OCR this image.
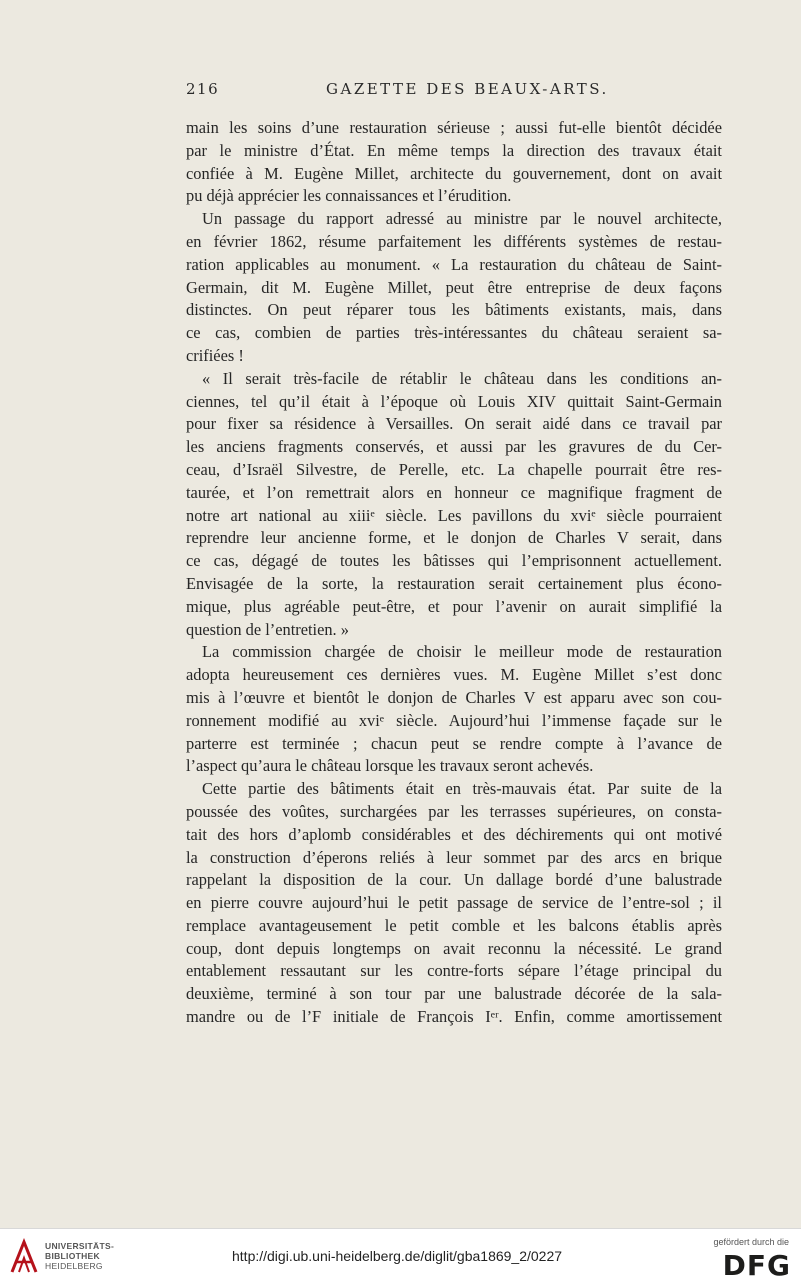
216	GAZETTE DES BEAUX-ARTS.
main les soins d’une restauration sérieuse ; aussi fut-elle bientôt décidée
par le ministre d’État. En même temps la direction des travaux était
confiée à M. Eugène Millet, architecte du gouvernement, dont on avait
pu déjà apprécier les connaissances et l’érudition.
Un passage du rapport adressé au ministre par le nouvel architecte,
en février 1862, résume parfaitement les différents systèmes de restau-
ration applicables au monument. « La restauration du château de Saint-
Germain, dit M. Eugène Millet, peut être entreprise de deux façons
distinctes. On peut réparer tous les bâtiments existants, mais, dans
ce cas, combien de parties très-intéressantes du château seraient sa-
crifiées !
« Il serait très-facile de rétablir le château dans les conditions an-
ciennes, tel qu’il était à l’époque où Louis XIV quittait Saint-Germain
pour fixer sa résidence à Versailles. On serait aidé dans ce travail par
les anciens fragments conservés, et aussi par les gravures de du Cer-
ceau, d’Israël Silvestre, de Perelle, etc. La chapelle pourrait être res-
taurée, et l’on remettrait alors en honneur ce magnifique fragment de
notre art national au xiiiᵉ siècle. Les pavillons du xviᵉ siècle pourraient
reprendre leur ancienne forme, et le donjon de Charles V serait, dans
ce cas, dégagé de toutes les bâtisses qui l’emprisonnent actuellement.
Envisagée de la sorte, la restauration serait certainement plus écono-
mique, plus agréable peut-être, et pour l’avenir on aurait simplifié la
question de l’entretien. »
La commission chargée de choisir le meilleur mode de restauration
adopta heureusement ces dernières vues. M. Eugène Millet s’est donc
mis à l’œuvre et bientôt le donjon de Charles V est apparu avec son cou-
ronnement modifié au xviᵉ siècle. Aujourd’hui l’immense façade sur le
parterre est terminée ; chacun peut se rendre compte à l’avance de
l’aspect qu’aura le château lorsque les travaux seront achevés.
Cette partie des bâtiments était en très-mauvais état. Par suite de la
poussée des voûtes, surchargées par les terrasses supérieures, on consta-
tait des hors d’aplomb considérables et des déchirements qui ont motivé
la construction d’éperons reliés à leur sommet par des arcs en brique
rappelant la disposition de la cour. Un dallage bordé d’une balustrade
en pierre couvre aujourd’hui le petit passage de service de l’entre-sol ; il
remplace avantageusement le petit comble et les balcons établis après
coup, dont depuis longtemps on avait reconnu la nécessité. Le grand
entablement ressautant sur les contre-forts sépare l’étage principal du
deuxième, terminé à son tour par une balustrade décorée de la sala-
mandre ou de l’F initiale de François Iᵉʳ. Enfin, comme amortissement
UNIVERSITÄTS-
BIBLIOTHEK
HEIDELBERG
http://digi.ub.uni-heidelberg.de/diglit/gba1869_2/0227
gefördert durch die
DFG
